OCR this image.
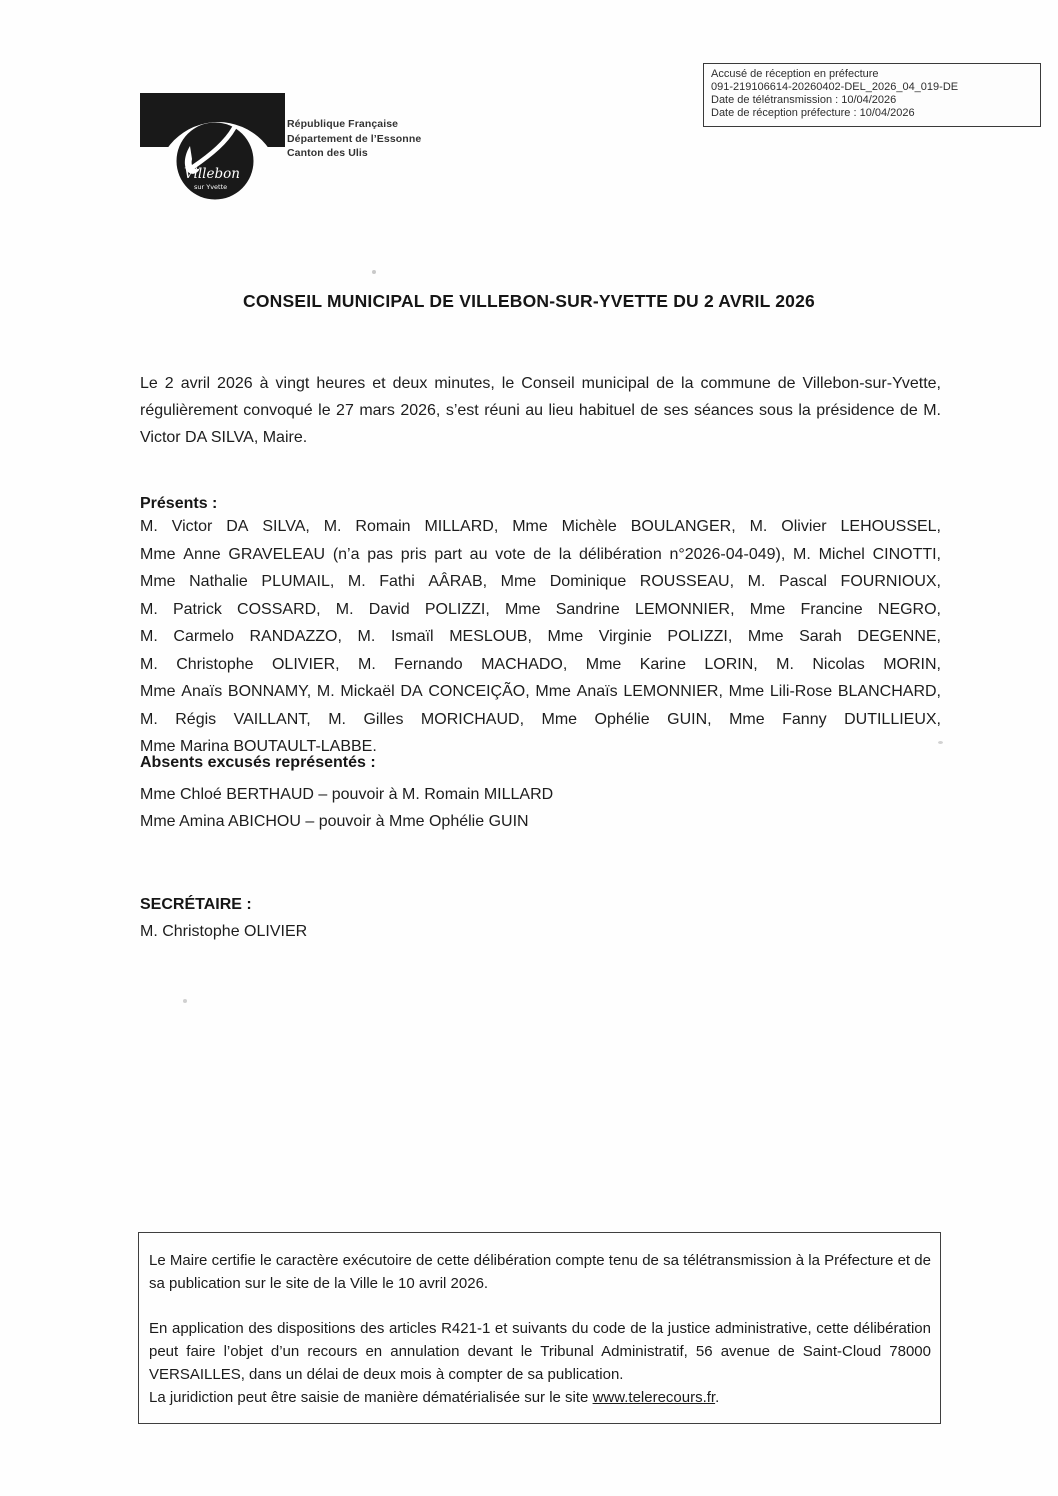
Accusé de réception en préfecture
091-219106614-20260402-DEL_2026_04_019-DE
Date de télétransmission : 10/04/2026
Date de réception préfecture : 10/04/2026
Villebon
sur Yvette
République Française
Département de l’Essonne
Canton des Ulis
CONSEIL MUNICIPAL DE VILLEBON-SUR-YVETTE DU 2 AVRIL 2026

Le 2 avril 2026 à vingt heures et deux minutes, le Conseil municipal de la commune de Villebon-sur-Yvette, régulièrement convoqué le 27 mars 2026, s’est réuni au lieu habituel de ses séances sous la présidence de M. Victor DA SILVA, Maire.

Présents :

M. Victor DA SILVA, M. Romain MILLARD, Mme Michèle BOULANGER, M. Olivier LEHOUSSEL, Mme Anne GRAVELEAU (n’a pas pris part au vote de la délibération n°2026-04-049), M. Michel CINOTTI, Mme Nathalie PLUMAIL, M. Fathi AÂRAB, Mme Dominique ROUSSEAU, M. Pascal FOURNIOUX, M. Patrick COSSARD, M. David POLIZZI, Mme Sandrine LEMONNIER, Mme Francine NEGRO, M. Carmelo RANDAZZO, M. Ismaïl MESLOUB, Mme Virginie POLIZZI, Mme Sarah DEGENNE, M. Christophe OLIVIER, M. Fernando MACHADO, Mme Karine LORIN, M. Nicolas MORIN, Mme Anaïs BONNAMY, M. Mickaël DA CONCEIÇÃO, Mme Anaïs LEMONNIER, Mme Lili-Rose BLANCHARD, M. Régis VAILLANT, M. Gilles MORICHAUD, Mme Ophélie GUIN, Mme Fanny DUTILLIEUX, Mme Marina BOUTAULT-LABBE.

Absents excusés représentés :
Mme Chloé BERTHAUD – pouvoir à M. Romain MILLARD
Mme Amina ABICHOU – pouvoir à Mme Ophélie GUIN
SECRÉTAIRE :
M. Christophe OLIVIER

Le Maire certifie le caractère exécutoire de cette délibération compte tenu de sa télétransmission à la Préfecture et de sa publication sur le site de la Ville le 10 avril 2026.

En application des dispositions des articles R421-1 et suivants du code de la justice administrative, cette délibération peut faire l’objet d’un recours en annulation devant le Tribunal Administratif, 56 avenue de Saint-Cloud 78000 VERSAILLES, dans un délai de deux mois à compter de sa publication.

La juridiction peut être saisie de manière dématérialisée sur le site www.telerecours.fr.
